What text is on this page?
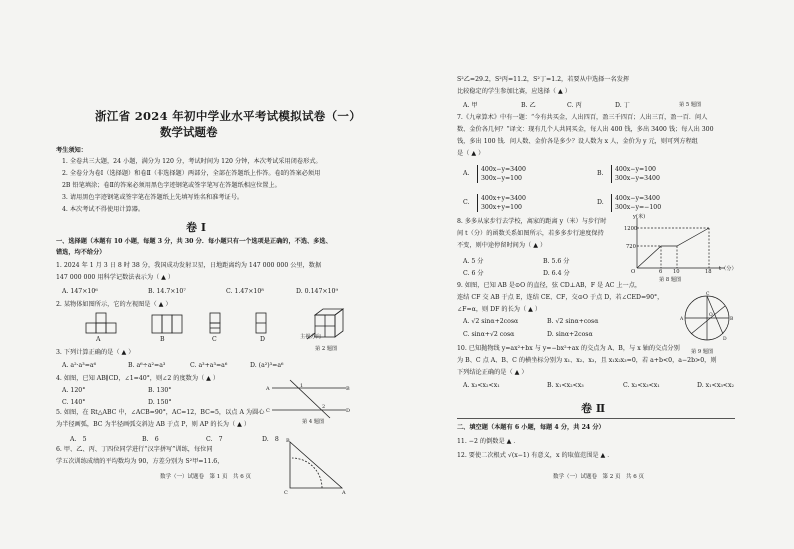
浙江省 2024 年初中学业水平考试模拟试卷（一）
数学试题卷
考生须知：
1. 全卷共三大题，24 小题，满分为 120 分，考试时间为 120 分钟，本次考试采用闭卷形式。
2. 全卷分为卷Ⅰ（选择题）和卷Ⅱ（非选择题）两部分，全部在答题纸上作答。卷Ⅰ的答案必须用
2B 铅笔填涂；卷Ⅱ的答案必须用黑色字迹钢笔或签字笔写在答题纸相应位置上。
3. 请用黑色字迹钢笔或签字笔在答题纸上先填写姓名和准考证号。
4. 本次考试不得使用计算器。
卷 Ⅰ
一、选择题（本题有 10 小题，每题 3 分，共 30 分．每小题只有一个选项是正确的，不选、多选、
错选，均不给分）
1. 2024 年 1 月 3 日 8 时 38 分，我国成功发射卫星，日地距离约为 147 000 000 公里，数据
147 000 000 用科学记数法表示为（ ▲ ）
A. 147×10⁶	B. 14.7×10⁷	C. 1.47×10⁸	D. 0.147×10⁹
2. 某物体如图所示，它的左视图是（ ▲ ）
A	B	C	D	主视方向
第 2 题图
3. 下列计算正确的是（ ▲ ）
A. a²·a³=a⁶	B. a⁶÷a²=a³	C. a³+a³=a⁶	D. (a²)³=a⁶
4. 如图，已知 AB∥CD，∠1=40°，则∠2 的度数为（ ▲ ）
A. 120°	B. 130°
C. 140°	D. 150°
A	B
C	D
1
2
第 4 题图
5. 如图，在 Rt△ABC 中，∠ACB=90°，AC=12，BC=5，以点 A 为圆心
为半径画弧，BC 为半径画弧交斜边 AB 于点 P，则 AP 的长为（ ▲ ）
A.　5	B.　6	C.　7	D.　8
6. 甲、乙、丙、丁四位同学进行“汉字拼写”训练，每位同
学五次训练成绩的平均数均为 90，方差分别为 S²甲=11.6，
C	A
B
数学（一）试题卷　第 1 页　共 6 页
S²乙=29.2，S²丙=11.2，S²丁=1.2，若要从中选择一名发挥
比较稳定的学生参加比赛，应选择（ ▲ ）
A. 甲	B. 乙	C. 丙	D. 丁	第 5 题图
7.《九章算术》中有一题：“今有共买金，人出四百，盈三千四百；人出三百，盈一百．问人
数、金价各几何？”译文：现有几个人共同买金，每人出 400 钱，多出 3400 钱；每人出 300
钱，多出 100 钱．问人数、金价各是多少？设人数为 x 人，金价为 y 元，则可列方程组
是（ ▲ ）
A.
400x−y=3400
300x−y=100
B.
400x−y=100
300x−y=3400
C.
400x+y=3400
300x+y=100
D.
400x−y=3400
300x−y=−100
8. 多多从家步行去学校，离家的距离 y（米）与步行时
间 t（分）的函数关系如图所示，若多多步行速度保持
不变，则中途停留时间为（ ▲ ）
A. 5 分	B. 5.6 分
C. 6 分	D. 6.4 分
y(米)
1200
720
t（分）
O	6 10	18
第 8 题图
9. 如图，已知 AB 是⊙O 的直径，弦 CD⊥AB，F 是 AC 上一点，
连结 CF 交 AB 于点 E，连结 CE、CF，交⊙O 于点 D，若∠CED=90°，
∠F=α，则 DF 的长为（ ▲ ）
A. √2 sinα+2cosα	B. √2 sinα+cosα
C. sinα+√2 cosα	D. sinα+2cosα
A	B
C
D
O
第 9 题图
10. 已知抛物线 y=ax²+bx 与 y=−bx²+ax 的交点为 A、B，与 x 轴的交点分别
为 B、C 点 A、B、C 的横坐标分别为 x₁、x₂、x₃，且 x₁x₂x₃=0，若 a+b<0，a−2b>0，则
下列结论正确的是（ ▲ ）
A. x₃<x₂<x₁	B. x₁<x₂<x₃	C. x₂<x₃<x₁	D. x₁<x₃<x₂
卷 Ⅱ
二、填空题（本题有 6 小题，每题 4 分，共 24 分）
11. −2 的倒数是 ▲ ．
12. 要使二次根式 √(x−1) 有意义，x 的取值范围是 ▲ ．
数学（一）试题卷　第 2 页　共 6 页
